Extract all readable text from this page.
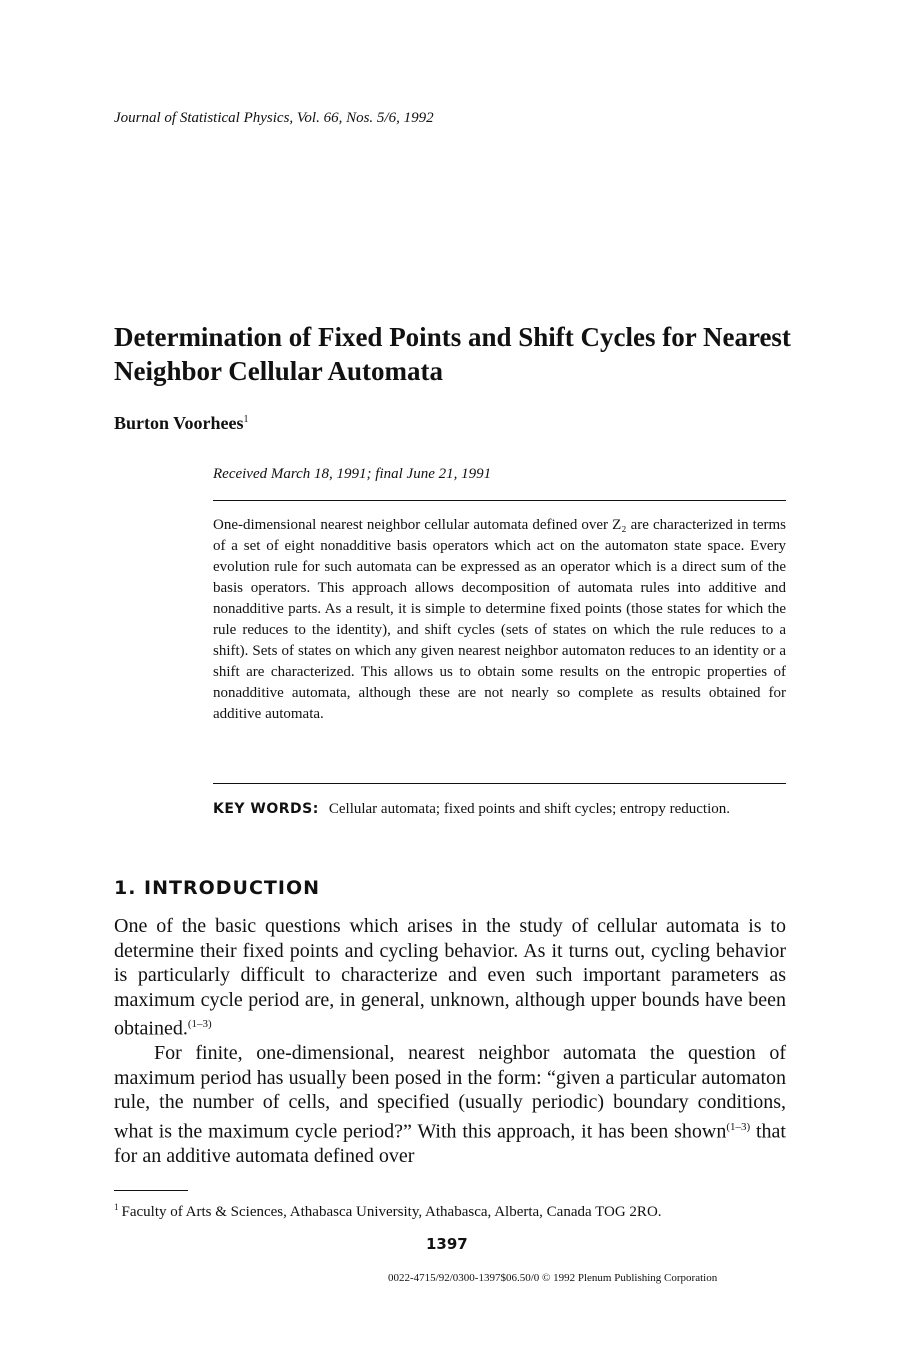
Journal of Statistical Physics, Vol. 66, Nos. 5/6, 1992
Determination of Fixed Points and Shift Cycles for Nearest Neighbor Cellular Automata
Burton Voorhees$^1$
Received March 18, 1991; final June 21, 1991
One-dimensional nearest neighbor cellular automata defined over Z₂ are characterized in terms of a set of eight nonadditive basis operators which act on the automaton state space. Every evolution rule for such automata can be expressed as an operator which is a direct sum of the basis operators. This approach allows decomposition of automata rules into additive and nonadditive parts. As a result, it is simple to determine fixed points (those states for which the rule reduces to the identity), and shift cycles (sets of states on which the rule reduces to a shift). Sets of states on which any given nearest neighbor automaton reduces to an identity or a shift are characterized. This allows us to obtain some results on the entropic properties of nonadditive automata, although these are not nearly so complete as results obtained for additive automata.
KEY WORDS: Cellular automata; fixed points and shift cycles; entropy reduction.
1. INTRODUCTION

One of the basic questions which arises in the study of cellular automata is to determine their fixed points and cycling behavior. As it turns out, cycling behavior is particularly difficult to characterize and even such important parameters as maximum cycle period are, in general, unknown, although upper bounds have been obtained.$^{(1-3)}$

For finite, one-dimensional, nearest neighbor automata the question of maximum period has usually been posed in the form: “given a particular automaton rule, the number of cells, and specified (usually periodic) boundary conditions, what is the maximum cycle period?” With this approach, it has been shown$^{(1-3)}$ that for an additive automata defined over

$^1$ Faculty of Arts & Sciences, Athabasca University, Athabasca, Alberta, Canada TOG 2RO.
1397
0022-4715/92/0300-1397$06.50/0 © 1992 Plenum Publishing Corporation
